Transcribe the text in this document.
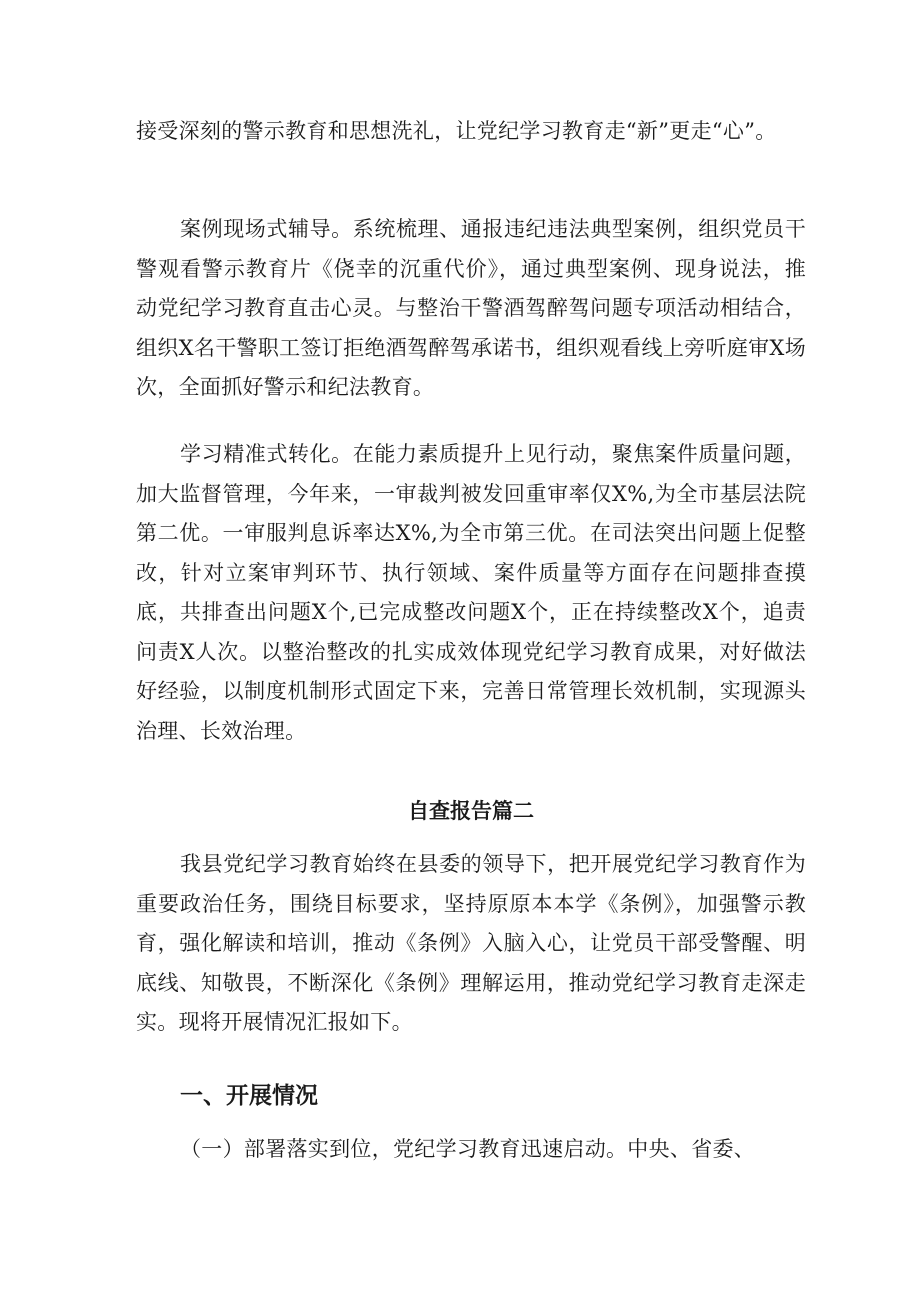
接受深刻的警示教育和思想洗礼，让党纪学习教育走“新”更走“心”。

案例现场式辅导。系统梳理、通报违纪违法典型案例，组织党员干警观看警示教育片《侥幸的沉重代价》，通过典型案例、现身说法，推动党纪学习教育直击心灵。与整治干警酒驾醉驾问题专项活动相结合，组织X名干警职工签订拒绝酒驾醉驾承诺书，组织观看线上旁听庭审X场次，全面抓好警示和纪法教育。

学习精准式转化。在能力素质提升上见行动，聚焦案件质量问题，加大监督管理，今年来，一审裁判被发回重审率仅X%,为全市基层法院第二优。一审服判息诉率达X%,为全市第三优。在司法突出问题上促整改，针对立案审判环节、执行领域、案件质量等方面存在问题排查摸底，共排查出问题X个,已完成整改问题X个，正在持续整改X个，追责问责X人次。以整治整改的扎实成效体现党纪学习教育成果，对好做法好经验，以制度机制形式固定下来，完善日常管理长效机制，实现源头治理、长效治理。

自查报告篇二

我县党纪学习教育始终在县委的领导下，把开展党纪学习教育作为重要政治任务，围绕目标要求，坚持原原本本学《条例》，加强警示教育，强化解读和培训，推动《条例》入脑入心，让党员干部受警醒、明底线、知敬畏，不断深化《条例》理解运用，推动党纪学习教育走深走实。现将开展情况汇报如下。

一、开展情况

（一）部署落实到位，党纪学习教育迅速启动。中央、省委、
